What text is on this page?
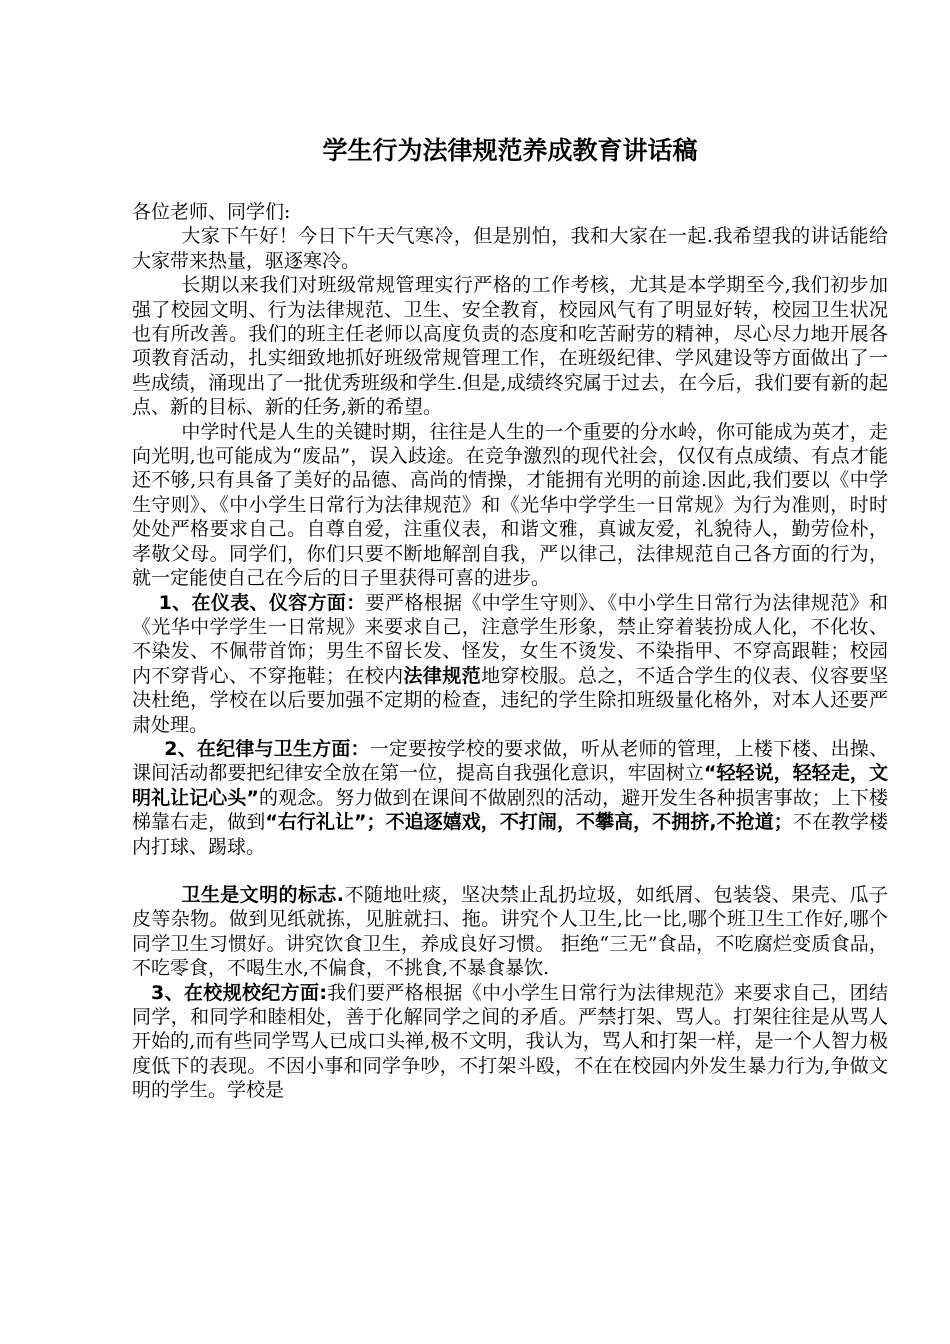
学生行为法律规范养成教育讲话稿

各位老师、同学们:

大家下午好！今日下午天气寒冷，但是别怕，我和大家在一起.我希望我的讲话能给大家带来热量，驱逐寒冷。

长期以来我们对班级常规管理实行严格的工作考核，尤其是本学期至今,我们初步加强了校园文明、行为法律规范、卫生、安全教育，校园风气有了明显好转，校园卫生状况也有所改善。我们的班主任老师以高度负责的态度和吃苦耐劳的精神，尽心尽力地开展各项教育活动，扎实细致地抓好班级常规管理工作，在班级纪律、学风建设等方面做出了一些成绩，涌现出了一批优秀班级和学生.但是,成绩终究属于过去，在今后，我们要有新的起点、新的目标、新的任务,新的希望。

中学时代是人生的关键时期，往往是人生的一个重要的分水岭，你可能成为英才，走向光明,也可能成为“废品”，误入歧途。在竞争激烈的现代社会，仅仅有点成绩、有点才能还不够,只有具备了美好的品德、高尚的情操，才能拥有光明的前途.因此,我们要以《中学生守则》、《中小学生日常行为法律规范》和《光华中学学生一日常规》为行为准则，时时处处严格要求自己。自尊自爱，注重仪表，和谐文雅，真诚友爱，礼貌待人，勤劳俭朴，孝敬父母。同学们，你们只要不断地解剖自我，严以律己，法律规范自己各方面的行为，就一定能使自己在今后的日子里获得可喜的进步。

1、在仪表、仪容方面：要严格根据《中学生守则》、《中小学生日常行为法律规范》和《光华中学学生一日常规》来要求自己，注意学生形象，禁止穿着装扮成人化，不化妆、不染发、不佩带首饰；男生不留长发、怪发，女生不烫发、不染指甲、不穿高跟鞋；校园内不穿背心、不穿拖鞋；在校内法律规范地穿校服。总之，不适合学生的仪表、仪容要坚决杜绝，学校在以后要加强不定期的检查，违纪的学生除扣班级量化格外，对本人还要严肃处理。

2、在纪律与卫生方面：一定要按学校的要求做，听从老师的管理，上楼下楼、出操、课间活动都要把纪律安全放在第一位，提高自我强化意识，牢固树立“轻轻说，轻轻走，文明礼让记心头”的观念。努力做到在课间不做剧烈的活动，避开发生各种损害事故；上下楼梯靠右走，做到“右行礼让”；不追逐嬉戏，不打闹，不攀高，不拥挤,不抢道；不在教学楼内打球、踢球。

卫生是文明的标志.不随地吐痰，坚决禁止乱扔垃圾，如纸屑、包装袋、果壳、瓜子皮等杂物。做到见纸就拣，见脏就扫、拖。讲究个人卫生,比一比,哪个班卫生工作好,哪个同学卫生习惯好。讲究饮食卫生，养成良好习惯。 拒绝“三无”食品，不吃腐烂变质食品，不吃零食，不喝生水,不偏食，不挑食,不暴食暴饮.

3、在校规校纪方面:我们要严格根据《中小学生日常行为法律规范》来要求自己，团结同学，和同学和睦相处，善于化解同学之间的矛盾。严禁打架、骂人。打架往往是从骂人开始的,而有些同学骂人已成口头禅,极不文明，我认为，骂人和打架一样，是一个人智力极度低下的表现。不因小事和同学争吵，不打架斗殴，不在在校园内外发生暴力行为,争做文明的学生。学校是
